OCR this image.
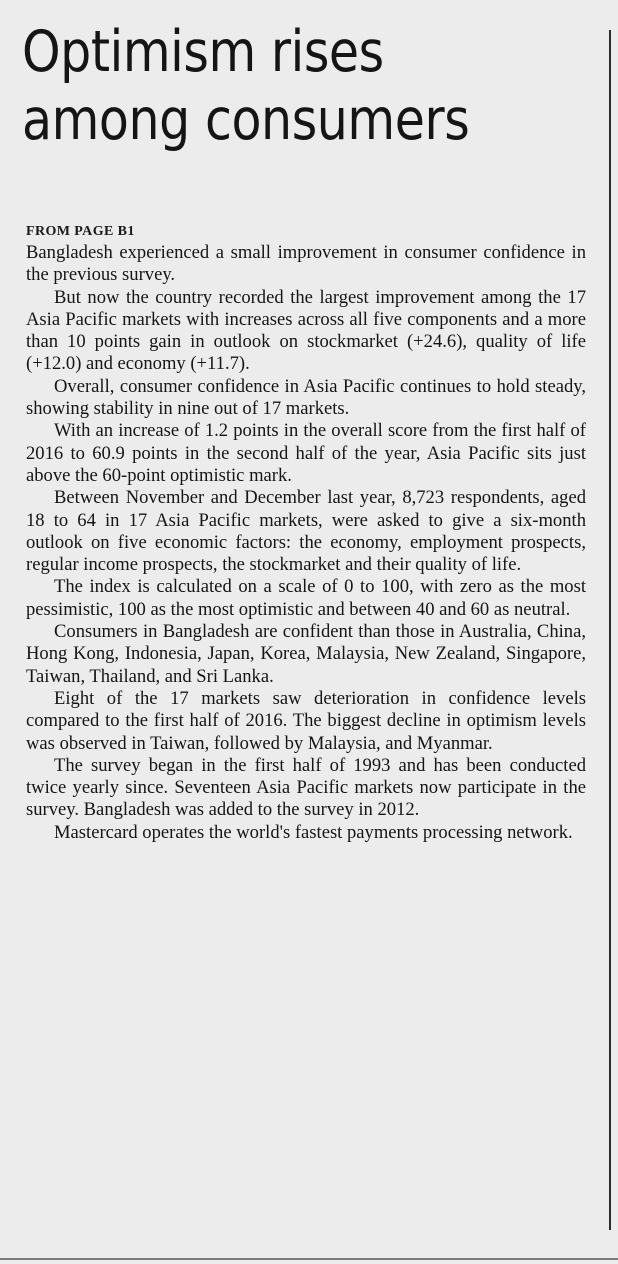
Optimism rises
among consumers
FROM PAGE B1

Bangladesh experienced a small improvement in consumer confidence in the previous survey.

But now the country recorded the largest improvement among the 17 Asia Pacific markets with increases across all five components and a more than 10 points gain in outlook on stockmarket (+24.6), quality of life (+12.0) and economy (+11.7).

Overall, consumer confidence in Asia Pacific continues to hold steady, showing stability in nine out of 17 markets.

With an increase of 1.2 points in the overall score from the first half of 2016 to 60.9 points in the second half of the year, Asia Pacific sits just above the 60-point optimistic mark.

Between November and December last year, 8,723 respondents, aged 18 to 64 in 17 Asia Pacific markets, were asked to give a six-month outlook on five economic factors: the economy, employment prospects, regular income prospects, the stockmarket and their quality of life.

The index is calculated on a scale of 0 to 100, with zero as the most pessimistic, 100 as the most optimistic and between 40 and 60 as neutral.

Consumers in Bangladesh are confident than those in Australia, China, Hong Kong, Indonesia, Japan, Korea, Malaysia, New Zealand, Singapore, Taiwan, Thailand, and Sri Lanka.

Eight of the 17 markets saw deterioration in confidence levels compared to the first half of 2016. The biggest decline in optimism levels was observed in Taiwan, followed by Malaysia, and Myanmar.

The survey began in the first half of 1993 and has been conducted twice yearly since. Seventeen Asia Pacific markets now participate in the survey. Bangladesh was added to the survey in 2012.

Mastercard operates the world's fastest payments processing network.
